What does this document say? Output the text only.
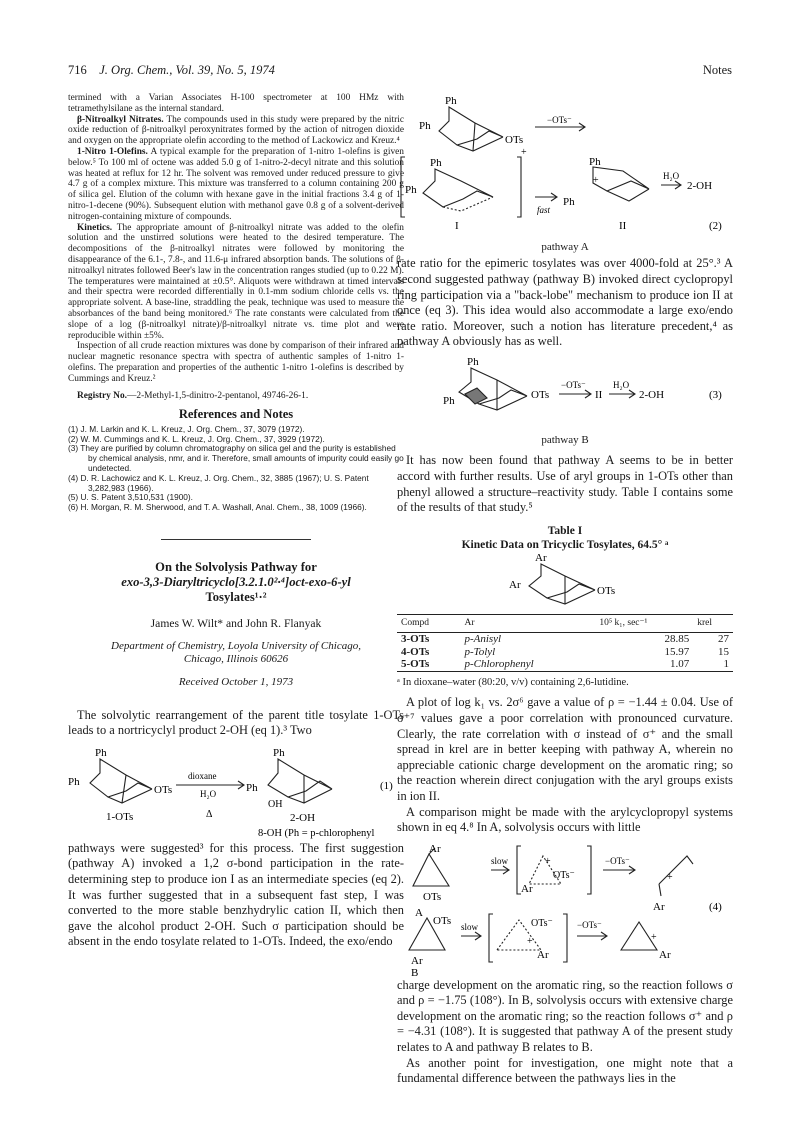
716 J. Org. Chem., Vol. 39, No. 5, 1974	Notes

termined with a Varian Associates H-100 spectrometer at 100 HMz with tetramethylsilane as the internal standard.

β-Nitroalkyl Nitrates. The compounds used in this study were prepared by the nitric oxide reduction of β-nitroalkyl peroxynitrates formed by the action of nitrogen dioxide and oxygen on the appropriate olefin according to the method of Lackowicz and Kreuz.⁴

1-Nitro 1-Olefins. A typical example for the preparation of 1-nitro 1-olefins is given below.⁵ To 100 ml of octene was added 5.0 g of 1-nitro-2-decyl nitrate and this solution was heated at reflux for 12 hr. The solvent was removed under reduced pressure to give 4.7 g of a complex mixture. This mixture was transferred to a column containing 200 g of silica gel. Elution of the column with hexane gave in the initial fractions 3.4 g of 1-nitro-1-decene (90%). Subsequent elution with methanol gave 0.8 g of a solvent-derived nitrogen-containing mixture of compounds.

Kinetics. The appropriate amount of β-nitroalkyl nitrate was added to the olefin solution and the unstirred solutions were heated to the desired temperature. The decompositions of the β-nitroalkyl nitrates were followed by monitoring the disappearance of the 6.1-, 7.8-, and 11.6-μ infrared absorption bands. The solutions of β-nitroalkyl nitrates followed Beer's law in the concentration ranges studied (up to 0.22 M). The temperatures were maintained at ±0.5°. Aliquots were withdrawn at timed intervals and their spectra were recorded differentially in 0.1-mm sodium chloride cells vs. the appropriate solvent. A base-line, straddling the peak, technique was used to measure the absorbances of the band being monitored.⁶ The rate constants were calculated from the slope of a log (β-nitroalkyl nitrate)/β-nitroalkyl nitrate vs. time plot and were reproducible within ±5%.

Inspection of all crude reaction mixtures was done by comparison of their infrared and nuclear magnetic resonance spectra with spectra of authentic samples of 1-nitro 1-olefins. The preparation and properties of the authentic 1-nitro 1-olefins is described by Cummings and Kreuz.²

Registry No.—2-Methyl-1,5-dinitro-2-pentanol, 49746-26-1.

References and Notes
(1) J. M. Larkin and K. L. Kreuz, J. Org. Chem., 37, 3079 (1972).
(2) W. M. Cummings and K. L. Kreuz, J. Org. Chem., 37, 3929 (1972).
(3) They are purified by column chromatography on silica gel and the purity is established by chemical analysis, nmr, and ir. Therefore, small amounts of impurity could easily go undetected.
(4) D. R. Lachowicz and K. L. Kreuz, J. Org. Chem., 32, 3885 (1967); U. S. Patent 3,282,983 (1966).
(5) U. S. Patent 3,510,531 (1900).
(6) H. Morgan, R. M. Sherwood, and T. A. Washall, Anal. Chem., 38, 1009 (1966).
On the Solvolysis Pathway for
exo-3,3-Diaryltricyclo[3.2.1.0²·⁴]oct-exo-6-yl
Tosylates¹·²
James W. Wilt* and John R. Flanyak
Department of Chemistry, Loyola University of Chicago,
Chicago, Illinois 60626
Received October 1, 1973

The solvolytic rearrangement of the parent title tosylate 1-OTs leads to a nortricyclyl product 2-OH (eq 1).³ Two

Ph
Ph
OTs
dioxane
H₂O
Δ
Ph
Ph
OH
(1)
1-OTs	2-OH
8-OH (Ph = p-chlorophenyl

pathways were suggested³ for this process. The first suggestion (pathway A) invoked a 1,2 σ-bond participation in the rate-determining step to produce ion I as an intermediate species (eq 2). It was further suggested that in a subsequent fast step, I was converted to the more stable benzhydrylic cation II, which then gave the alcohol product 2-OH. Such σ participation should be absent in the endo tosylate related to 1-OTs. Indeed, the exo/endo

Ph
Ph
OTs
−OTs⁻
Ph
Ph
+
fast
Ph
Ph
+	H₂O
2-OH
I	II	(2)
pathway A

rate ratio for the epimeric tosylates was over 4000-fold at 25°.³ A second suggested pathway (pathway B) invoked direct cyclopropyl ring participation via a "back-lobe" mechanism to produce ion II at once (eq 3). This idea would also accommodate a large exo/endo rate ratio. Moreover, such a notion has literature precedent,⁴ as pathway A obviously has as well.

Ph
Ph	OTs
−OTs⁻
II
H₂O
2-OH	(3)
pathway B

It has now been found that pathway A seems to be in better accord with further results. Use of aryl groups in 1-OTs other than phenyl allowed a structure–reactivity study. Table I contains some of the results of that study.⁵

Table I
Kinetic Data on Tricyclic Tosylates, 64.5° ᵃ
Ar
Ar	OTs
Compd	Ar	10⁵ k₁, sec⁻¹	krel
3-OTs	p-Anisyl	28.85	27
4-OTs	p-Tolyl	15.97	15
5-OTs	p-Chlorophenyl	1.07	1
ᵃ In dioxane–water (80:20, v/v) containing 2,6-lutidine.

A plot of log k₁ vs. 2σ⁶ gave a value of ρ = −1.44 ± 0.04. Use of σ⁺⁷ values gave a poor correlation with pronounced curvature. Clearly, the rate correlation with σ instead of σ⁺ and the small spread in krel are in better keeping with pathway A, wherein no appreciable cationic charge development on the aromatic ring; so the reaction wherein direct conjugation with the aryl groups exists in ion II.

A comparison might be made with the arylcyclopropyl systems shown in eq 4.⁸ In A, solvolysis occurs with little

Ar
slow
OTs
Ar
OTs⁻
+	−OTs⁻
Ar
+
A
OTs slow
Ar
OTs⁻
Ar
+
−OTs⁻
Ar
+
B
(4)

charge development on the aromatic ring, so the reaction follows σ and ρ = −1.75 (108°). In B, solvolysis occurs with extensive charge development on the aromatic ring; so the reaction follows σ⁺ and ρ = −4.31 (108°). It is suggested that pathway A of the present study relates to A and pathway B relates to B.

As another point for investigation, one might note that a fundamental difference between the pathways lies in the
